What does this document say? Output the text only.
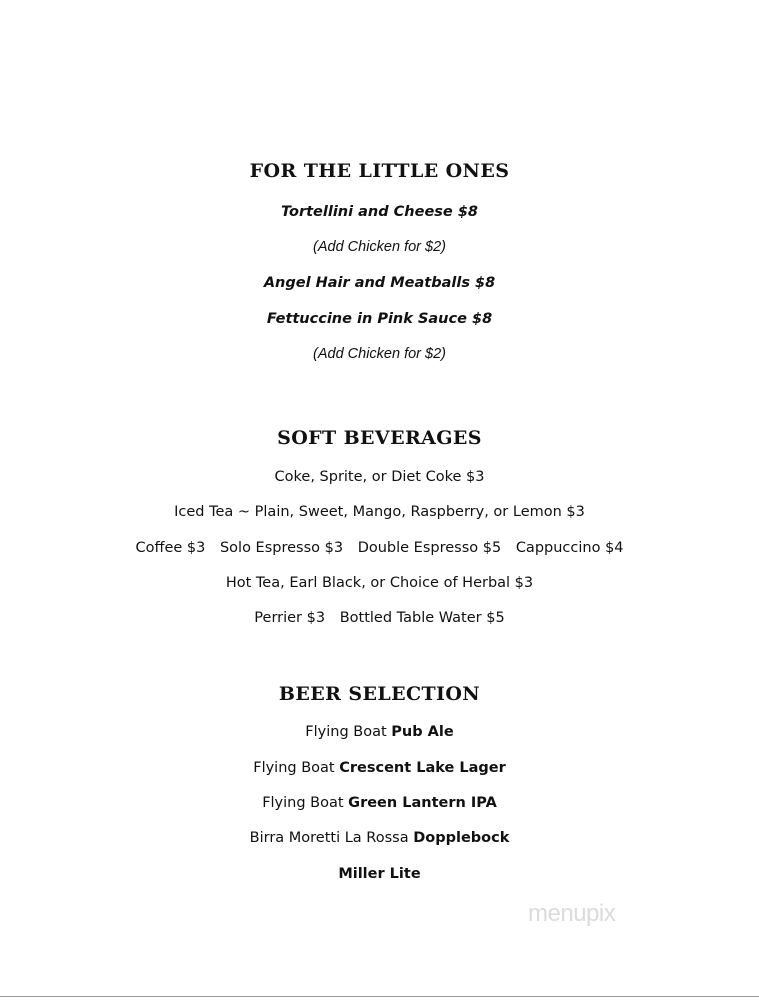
FOR THE LITTLE ONES
Tortellini and Cheese $8
(Add Chicken for $2)
Angel Hair and Meatballs $8
Fettuccine in Pink Sauce $8
(Add Chicken for $2)
SOFT BEVERAGES
Coke, Sprite, or Diet Coke $3
Iced Tea ~ Plain, Sweet, Mango, Raspberry, or Lemon $3
Coffee $3 Solo Espresso $3 Double Espresso $5 Cappuccino $4
Hot Tea, Earl Black, or Choice of Herbal $3
Perrier $3 Bottled Table Water $5
BEER SELECTION
Flying Boat Pub Ale
Flying Boat Crescent Lake Lager
Flying Boat Green Lantern IPA
Birra Moretti La Rossa Dopplebock
Miller Lite
menupix
